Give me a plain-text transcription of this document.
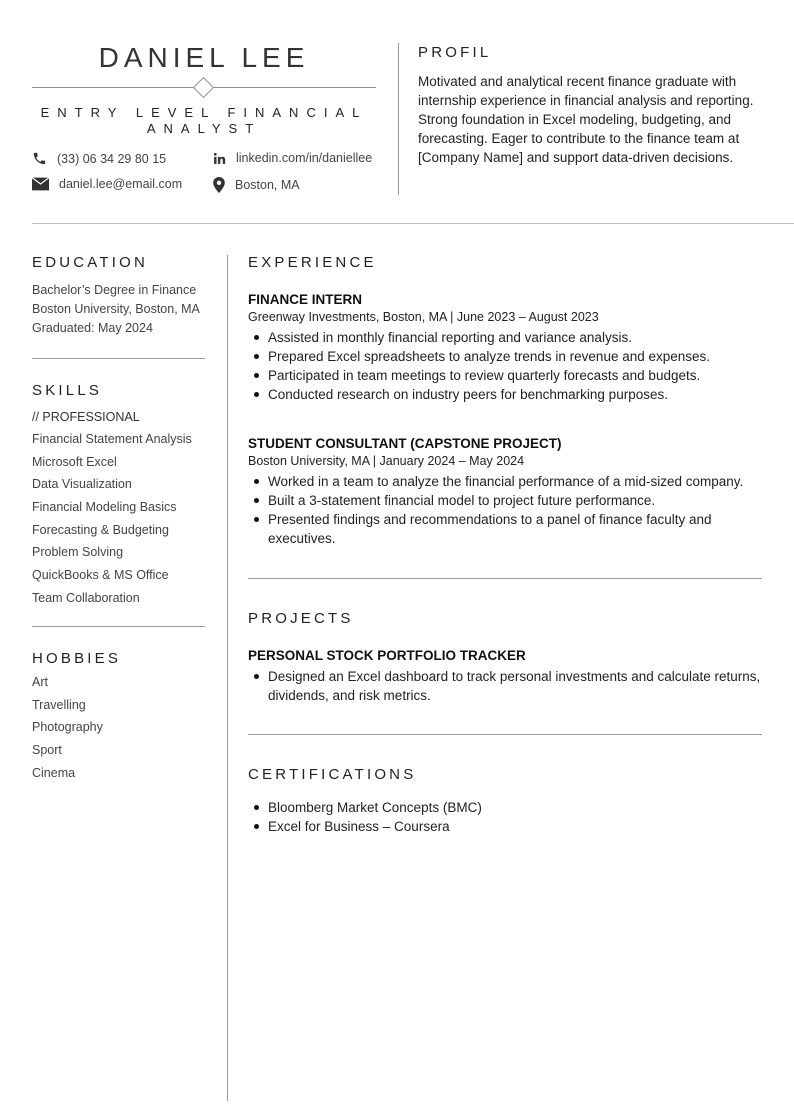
DANIEL LEE
ENTRY LEVEL FINANCIAL ANALYST
(33) 06 34 29 80 15	linkedin.com/in/daniellee
daniel.lee@email.com	Boston, MA
PROFIL
Motivated and analytical recent finance graduate with internship experience in financial analysis and reporting. Strong foundation in Excel modeling, budgeting, and forecasting. Eager to contribute to the finance team at [Company Name] and support data-driven decisions.
EDUCATION
Bachelor’s Degree in Finance
Boston University, Boston, MA
Graduated: May 2024
SKILLS
// PROFESSIONAL
Financial Statement Analysis
Microsoft Excel
Data Visualization
Financial Modeling Basics
Forecasting & Budgeting
Problem Solving
QuickBooks & MS Office
Team Collaboration
HOBBIES
Art
Travelling
Photography
Sport
Cinema
EXPERIENCE
FINANCE INTERN
Greenway Investments, Boston, MA | June 2023 – August 2023
Assisted in monthly financial reporting and variance analysis.
Prepared Excel spreadsheets to analyze trends in revenue and expenses.
Participated in team meetings to review quarterly forecasts and budgets.
Conducted research on industry peers for benchmarking purposes.
STUDENT CONSULTANT (CAPSTONE PROJECT)
Boston University, MA | January 2024 – May 2024
Worked in a team to analyze the financial performance of a mid-sized company.
Built a 3-statement financial model to project future performance.
Presented findings and recommendations to a panel of finance faculty and executives.
PROJECTS
PERSONAL STOCK PORTFOLIO TRACKER
Designed an Excel dashboard to track personal investments and calculate returns, dividends, and risk metrics.
CERTIFICATIONS
Bloomberg Market Concepts (BMC)
Excel for Business – Coursera
